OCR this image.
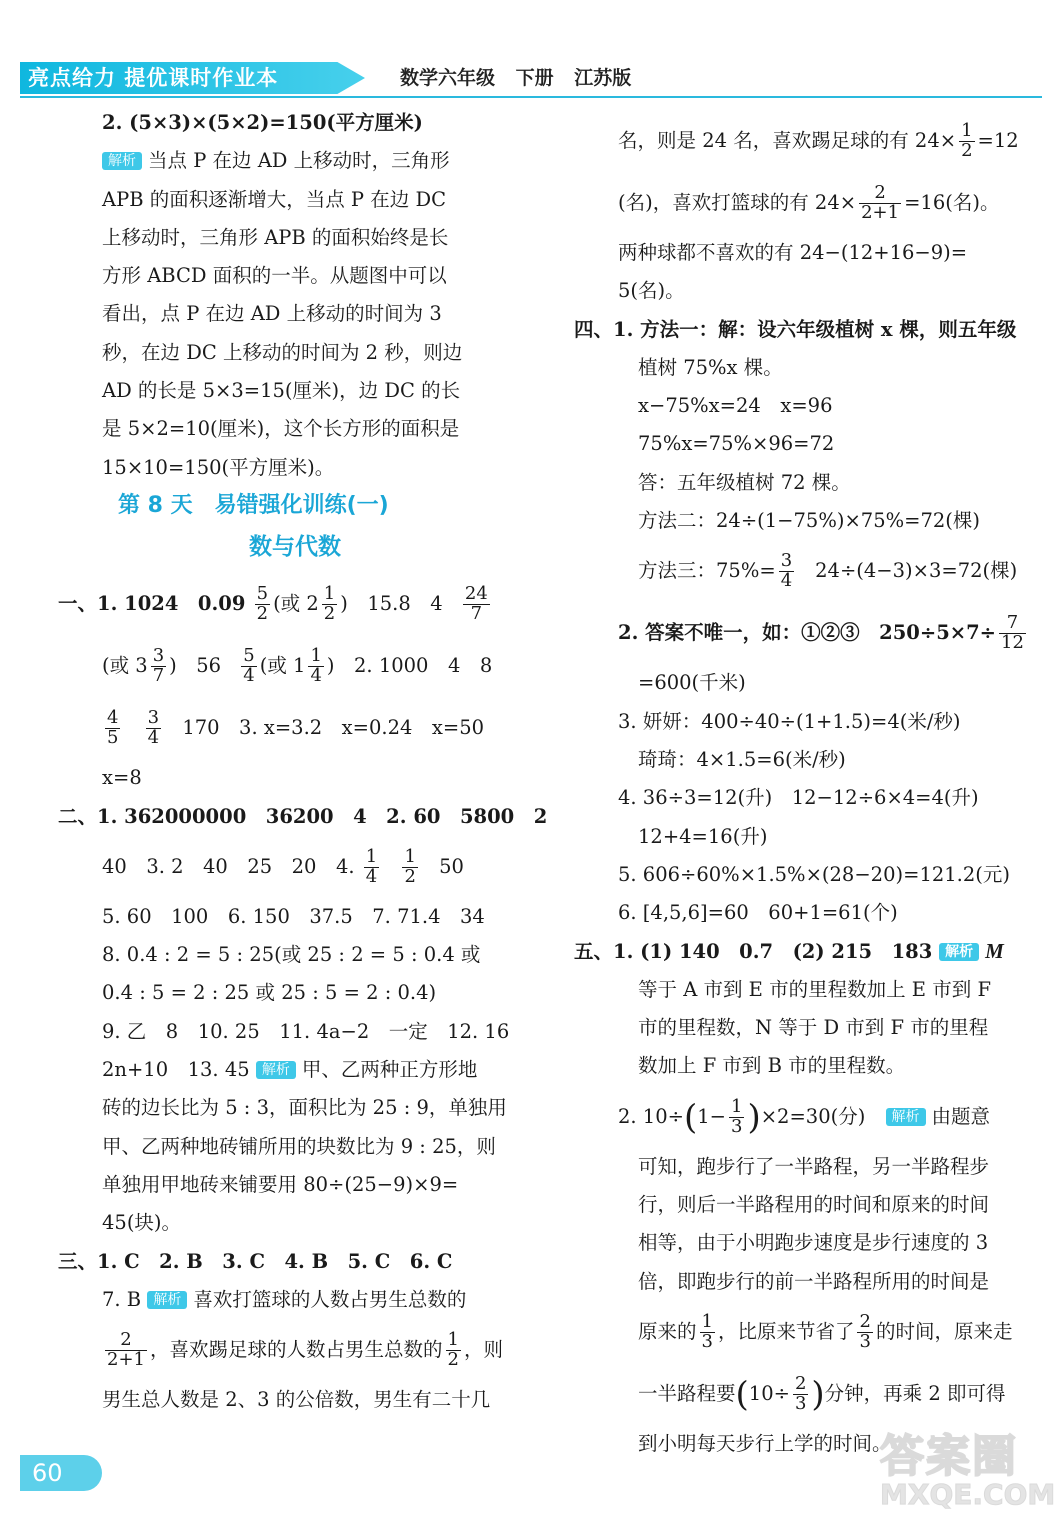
亮点给力 提优课时作业本	数学六年级 下册 江苏版
2. (5×3)×(5×2)=150(平方厘米)
解析 当点 P 在边 AD 上移动时，三角形
APB 的面积逐渐增大，当点 P 在边 DC
上移动时，三角形 APB 的面积始终是长
方形 ABCD 面积的一半。从题图中可以
看出，点 P 在边 AD 上移动的时间为 3
秒，在边 DC 上移动的时间为 2 秒，则边
AD 的长是 5×3=15(厘米)，边 DC 的长
是 5×2=10(厘米)，这个长方形的面积是
15×10=150(平方厘米)。
第 8 天　易错强化训练(一)
数与代数
一、1. 1024　$0.09 \frac{5}{2}$ (或 $2 \frac{1}{2}$ )　15.8　$4 \frac{24}{7}$
(或 $3 \frac{3}{7}$ )　$56 \frac{5}{4}$ (或 $1 \frac{1}{4}$ )　2. 1000　4　8
$\frac{4}{5}$
$\frac{3}{4} 170$　3. x=3.2　x=0.24　x=50
x=8
二、1. 362000000　36200　4　2. 60　5800　2
40　3. 2　40　25　20　4. $\frac{1}{4}$
$\frac{1}{2} 50$
5. 60　100　6. 150　37.5　7. 71.4　34
8. 0.4 : 2 = 5 : 25(或 25 : 2 = 5 : 0.4 或
0.4 : 5 = 2 : 25 或 25 : 5 = 2 : 0.4)
9. 乙　8　10. 25　11. 4a−2　一定　12. 16
2n+10　13. 45 解析 甲、乙两种正方形地
砖的边长比为 5 : 3，面积比为 25 : 9，单独用
甲、乙两种地砖铺所用的块数比为 9 : 25，则
单独用甲地砖来铺要用 80÷(25−9)×9=
45(块)。
三、1. C　2. B　3. C　4. B　5. C　6. C
7. B 解析 喜欢打篮球的人数占男生总数的
$\frac{2}{2+1}$ ，喜欢踢足球的人数占男生总数的 $\frac{1}{2}$ ，则
男生总人数是 2、3 的公倍数，男生有二十几
名，则是 24 名，喜欢踢足球的有 $24\times \frac{1}{2} =12$
(名)，喜欢打篮球的有 $24\times \frac{2}{2+1} =16$(名)。
两种球都不喜欢的有 24−(12+16−9)=
5(名)。
四、1. 方法一：解：设六年级植树 x 棵，则五年级
植树 75%x 棵。
x−75%x=24　x=96
75%x=75%×96=72
答：五年级植树 72 棵。
方法二：24÷(1−75%)×75%=72(棵)
方法三：$75\%= \frac{3}{4} 24\div(4-3)\times 3=72$(棵)
2. 答案不唯一，如：①②③　$250\div 5\times 7\div \frac{7}{12}$
=600(千米)
3. 妍妍：400÷40÷(1+1.5)=4(米/秒)
琦琦：4×1.5=6(米/秒)
4. 36÷3=12(升)　12−12÷6×4=4(升)
12+4=16(升)
5. 606÷60%×1.5%×(28−20)=121.2(元)
6. [4,5,6]=60　60+1=61(个)
五、1. (1) 140　0.7　(2) 215　183 解析 M
等于 A 市到 E 市的里程数加上 E 市到 F
市的里程数，N 等于 D 市到 F 市的里程
数加上 F 市到 B 市的里程数。
2. $10\div(1- \frac{1}{3} )\times 2=30$(分) 解析 由题意
可知，跑步行了一半路程，另一半路程步
行，则后一半路程用的时间和原来的时间
相等，由于小明跑步速度是步行速度的 3
倍，即跑步行的前一半路程所用的时间是
原来的 $\frac{1}{3}$ ，比原来节省了 $\frac{2}{3}$ 的时间，原来走
一半路程要($10\div \frac{2}{3}$ )分钟，再乘 2 即可得
到小明每天步行上学的时间。
60	答案圈
MXQE.COM
